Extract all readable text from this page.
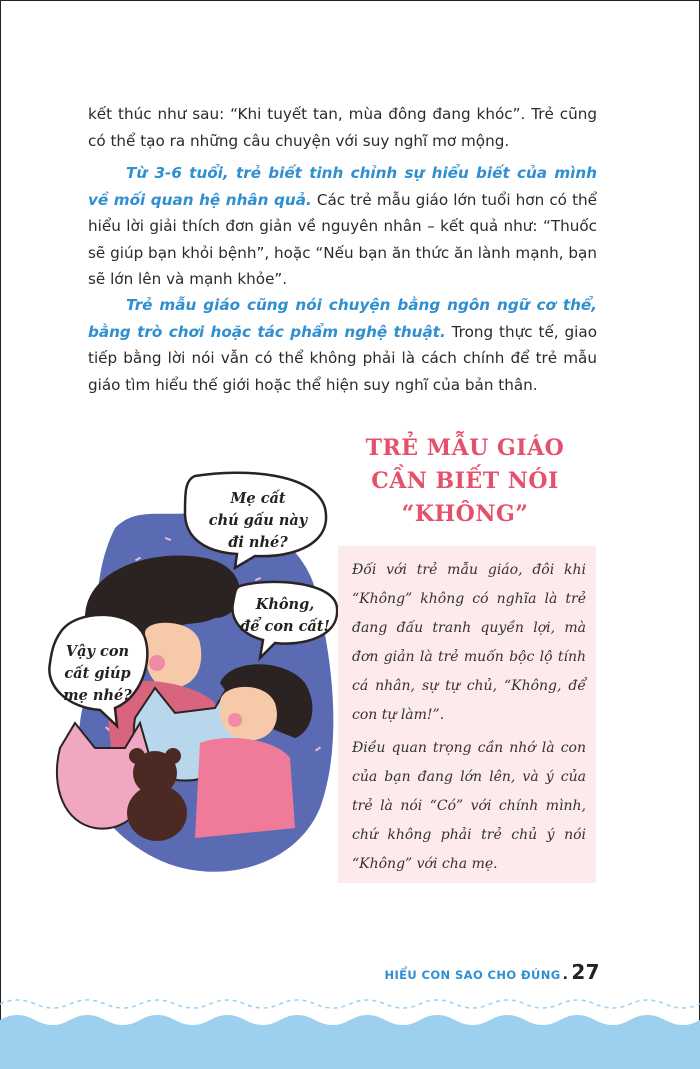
kết thúc như sau: “Khi tuyết tan, mùa đông đang khóc”. Trẻ cũng có thể tạo ra những câu chuyện với suy nghĩ mơ mộng.

Từ 3-6 tuổi, trẻ biết tinh chỉnh sự hiểu biết của mình về mối quan hệ nhân quả. Các trẻ mẫu giáo lớn tuổi hơn có thể hiểu lời giải thích đơn giản về nguyên nhân – kết quả như: “Thuốc sẽ giúp bạn khỏi bệnh”, hoặc “Nếu bạn ăn thức ăn lành mạnh, bạn sẽ lớn lên và mạnh khỏe”.

Trẻ mẫu giáo cũng nói chuyện bằng ngôn ngữ cơ thể, bằng trò chơi hoặc tác phẩm nghệ thuật. Trong thực tế, giao tiếp bằng lời nói vẫn có thể không phải là cách chính để trẻ mẫu giáo tìm hiểu thế giới hoặc thể hiện suy nghĩ của bản thân.

Mẹ cất
chú gấu này
đi nhé?

Không,
để con cất!

Vậy con
cất giúp
mẹ nhé?

TRẺ MẪU GIÁO
CẦN BIẾT NÓI
“KHÔNG”

Đối với trẻ mẫu giáo, đôi khi “Không” không có nghĩa là trẻ đang đấu tranh quyền lợi, mà đơn giản là trẻ muốn bộc lộ tính cá nhân, sự tự chủ, “Không, để con tự làm!”.

Điều quan trọng cần nhớ là con của bạn đang lớn lên, và ý của trẻ là nói “Có” với chính mình, chứ không phải trẻ chủ ý nói “Không” với cha mẹ.

HIỂU CON SAO CHO ĐÚNG . 27
